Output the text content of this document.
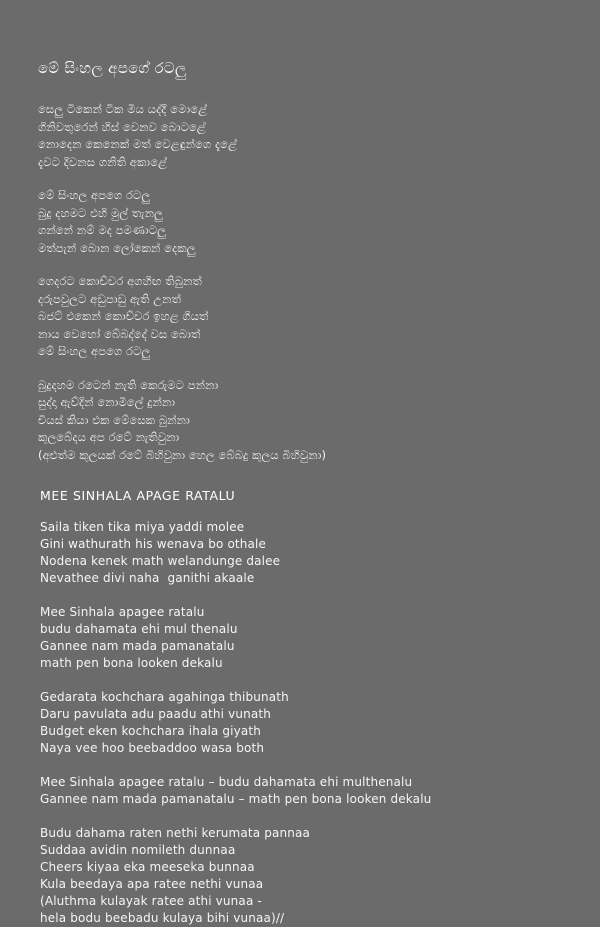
මේ සිංහල අපගේ රටලු
සෙලු ටිකෙන් ටික මිය යද්දී මොළේ
ගිනිවතුරෙන් හිස් වෙනව බොටළේ
නොදෙන කෙනෙක් මත් වෙළඳුන්ගෙ දැළේ
දැවට දිවනස ගනිති අකාළේ
මේ සිංහල අපගෙ රටලු
බුදු දහමට එහි මුල් තැනලු
ගන්නේ නම් මද පමණාටලු
මත්පැන් බොන ලෝකෙන් දෙකලු
ගෙදරට කොච්චර අගහිඟ තිබුනත්
දරුපවුලට අඩුපාඩු ඇති උනත්
බජට් එකෙන් කොච්චර ඉහළ ගියත්
නාය වෙහෝ බේබද්දේ වස බොත්
මේ සිංහල අපගෙ රටලු
බුදුදහම රටෙන් නැති කෙරුමට පන්නා
සුද්දා ඇව්දින් නොමිලේ දුන්නා
චියස් කියා එක මේසෙක බුන්නා
කුලබේදය අප රටේ නැතිවුනා
(අළුත්ම කුලයක් රටේ බිහිවුනා හෙල බේබදු කුලය බිහිවුනා)
MEE SINHALA APAGE RATALU
Saila tiken tika miya yaddi molee
Gini wathurath his wenava bo othale
Nodena kenek math welandunge dalee
Nevathee divi naha  ganithi akaale
Mee Sinhala apagee ratalu
budu dahamata ehi mul thenalu
Gannee nam mada pamanatalu
math pen bona looken dekalu
Gedarata kochchara agahinga thibunath
Daru pavulata adu paadu athi vunath
Budget eken kochchara ihala giyath
Naya vee hoo beebaddoo wasa both
Mee Sinhala apagee ratalu – budu dahamata ehi multhenalu
Gannee nam mada pamanatalu – math pen bona looken dekalu
Budu dahama raten nethi kerumata pannaa
Suddaa avidin nomileth dunnaa
Cheers kiyaa eka meeseka bunnaa
Kula beedaya apa ratee nethi vunaa
(Aluthma kulayak ratee athi vunaa -
hela bodu beebadu kulaya bihi vunaa)//
